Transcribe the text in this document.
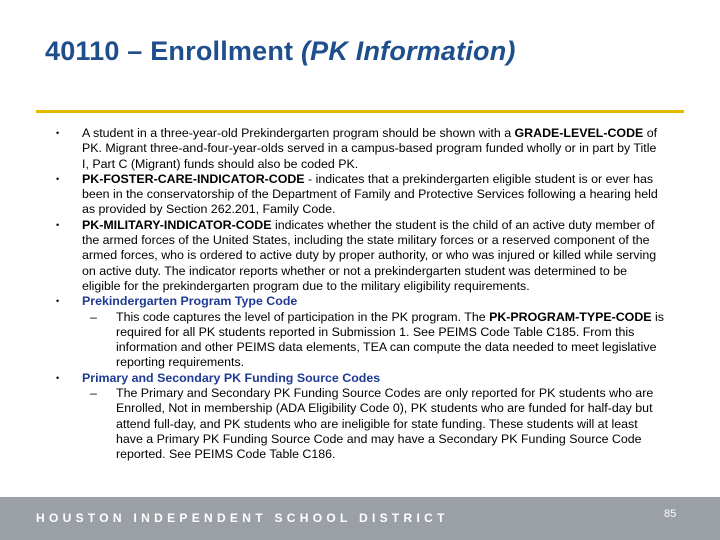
40110 – Enrollment (PK Information)
•	A student in a three-year-old Prekindergarten program should be shown with a GRADE-LEVEL-CODE of PK. Migrant three-and-four-year-olds served in a campus-based program funded wholly or in part by Title I, Part C (Migrant) funds should also be coded PK.
•	PK-FOSTER-CARE-INDICATOR-CODE - indicates that a prekindergarten eligible student is or ever has been in the conservatorship of the Department of Family and Protective Services following a hearing held as provided by Section 262.201, Family Code.
•	PK-MILITARY-INDICATOR-CODE indicates whether the student is the child of an active duty member of the armed forces of the United States, including the state military forces or a reserved component of the armed forces, who is ordered to active duty by proper authority, or who was injured or killed while serving on active duty. The indicator reports whether or not a prekindergarten student was determined to be eligible for the prekindergarten program due to the military eligibility requirements.
•	Prekindergarten Program Type Code
– This code captures the level of participation in the PK program. The PK-PROGRAM-TYPE-CODE is required for all PK students reported in Submission 1. See PEIMS Code Table C185. From this information and other PEIMS data elements, TEA can compute the data needed to meet legislative reporting requirements.
•	Primary and Secondary PK Funding Source Codes
– The Primary and Secondary PK Funding Source Codes are only reported for PK students who are Enrolled, Not in membership (ADA Eligibility Code 0), PK students who are funded for half-day but attend full-day, and PK students who are ineligible for state funding. These students will at least have a Primary PK Funding Source Code and may have a Secondary PK Funding Source Code reported. See PEIMS Code Table C186.
HOUSTON INDEPENDENT SCHOOL DISTRICT	85
